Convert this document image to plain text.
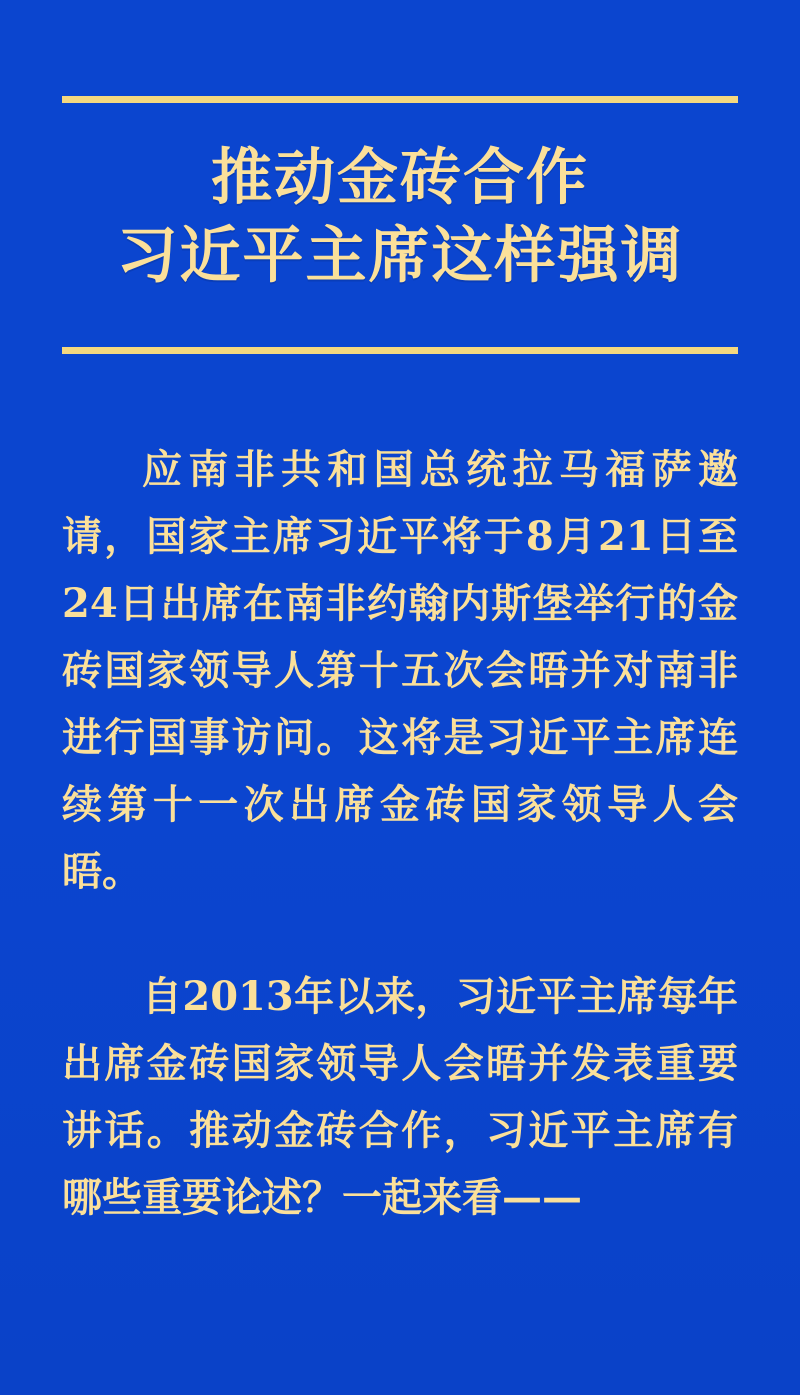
推动金砖合作
习近平主席这样强调

应南非共和国总统拉马福萨邀请，国家主席习近平将于8月21日至24日出席在南非约翰内斯堡举行的金砖国家领导人第十五次会晤并对南非进行国事访问。这将是习近平主席连续第十一次出席金砖国家领导人会晤。

自2013年以来，习近平主席每年出席金砖国家领导人会晤并发表重要讲话。推动金砖合作，习近平主席有哪些重要论述？一起来看——
